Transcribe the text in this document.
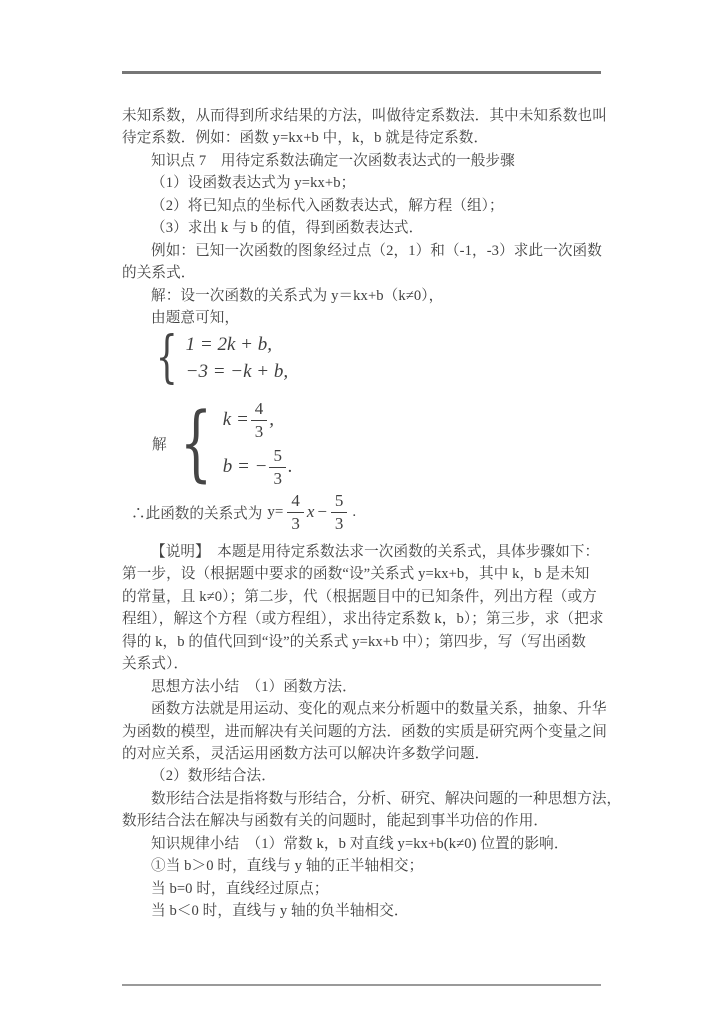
未知系数，从而得到所求结果的方法，叫做待定系数法．其中未知系数也叫
待定系数．例如：函数 y=kx+b 中，k，b 就是待定系数．
知识点 7　用待定系数法确定一次函数表达式的一般步骤
（1）设函数表达式为 y=kx+b；
（2）将已知点的坐标代入函数表达式，解方程（组）；
（3）求出 k 与 b 的值，得到函数表达式．
例如：已知一次函数的图象经过点（2，1）和（-1，-3）求此一次函数
的关系式．
解：设一次函数的关系式为 y＝kx+b（k≠0），
由题意可知，
{ 1 = 2k + b,
−3 = −k + b,
解 { $k = \frac{4}{3}$ ,
b = − $\frac{5}{3}$ .
∴此函数的关系式为 $y= \frac{4}{3}$ $x - \frac{5}{3}$ .
【说明】　本题是用待定系数法求一次函数的关系式，具体步骤如下：
第一步，设（根据题中要求的函数“设”关系式 y=kx+b，其中 k，b 是未知
的常量，且 k≠0）；第二步，代（根据题目中的已知条件，列出方程（或方
程组），解这个方程（或方程组），求出待定系数 k，b）；第三步，求（把求
得的 k，b 的值代回到“设”的关系式 y=kx+b 中）；第四步，写（写出函数
关系式）．
思想方法小结　（1）函数方法．
函数方法就是用运动、变化的观点来分析题中的数量关系，抽象、升华
为函数的模型，进而解决有关问题的方法．函数的实质是研究两个变量之间
的对应关系，灵活运用函数方法可以解决许多数学问题．
（2）数形结合法．
数形结合法是指将数与形结合，分析、研究、解决问题的一种思想方法，
数形结合法在解决与函数有关的问题时，能起到事半功倍的作用．
知识规律小结　（1）常数 k，b 对直线 y=kx+b(k≠0) 位置的影响．
①当 b＞0 时，直线与 y 轴的正半轴相交；
当 b=0 时，直线经过原点；
当 b＜0 时，直线与 y 轴的负半轴相交．
